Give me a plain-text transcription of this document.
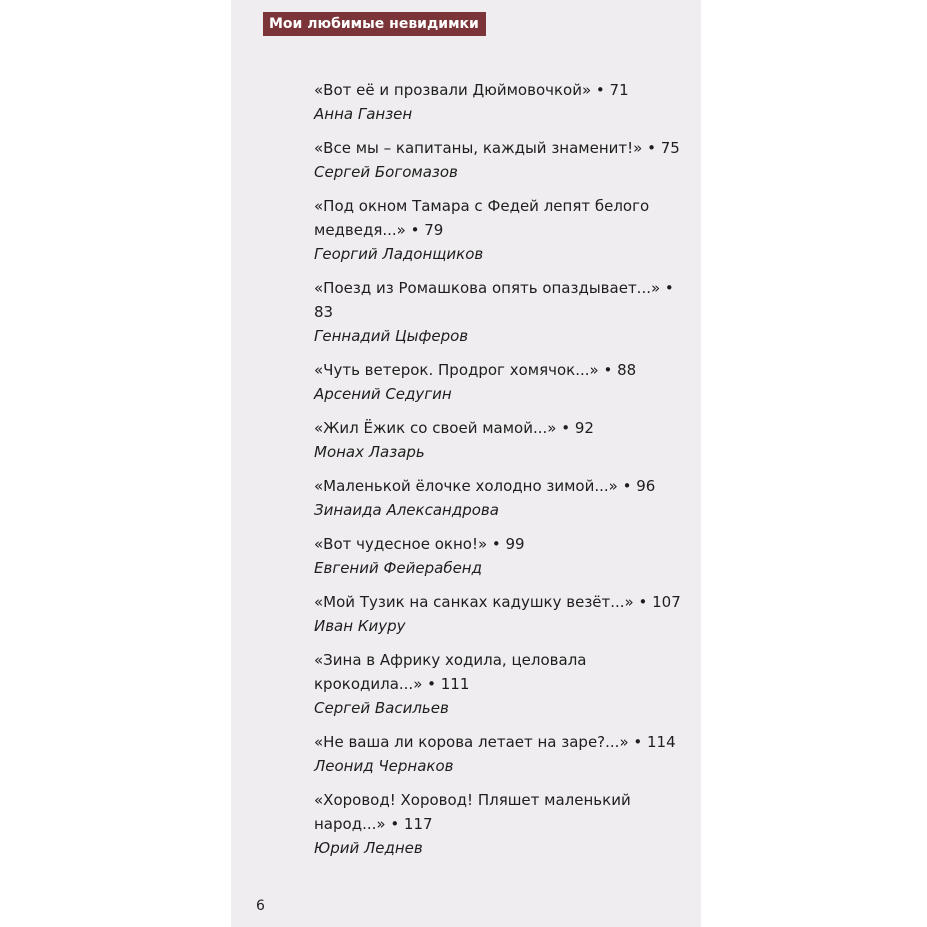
Мои любимые невидимки
«Вот её и прозвали Дюймовочкой» • 71
Анна Ганзен
«Все мы – капитаны, каждый знаменит!» • 75
Сергей Богомазов
«Под окном Тамара с Федей лепят белого
медведя...» • 79
Георгий Ладонщиков
«Поезд из Ромашкова опять опаздывает...» • 83
Геннадий Цыферов
«Чуть ветерок. Продрог хомячок...» • 88
Арсений Седугин
«Жил Ёжик со своей мамой...» • 92
Монах Лазарь
«Маленькой ёлочке холодно зимой...» • 96
Зинаида Александрова
«Вот чудесное окно!» • 99
Евгений Фейерабенд
«Мой Тузик на санках кадушку везёт...» • 107
Иван Киуру
«Зина в Африку ходила, целовала
крокодила...» • 111
Сергей Васильев
«Не ваша ли корова летает на заре?...» • 114
Леонид Чернаков
«Хоровод! Хоровод! Пляшет маленький
народ...» • 117
Юрий Леднев
6
